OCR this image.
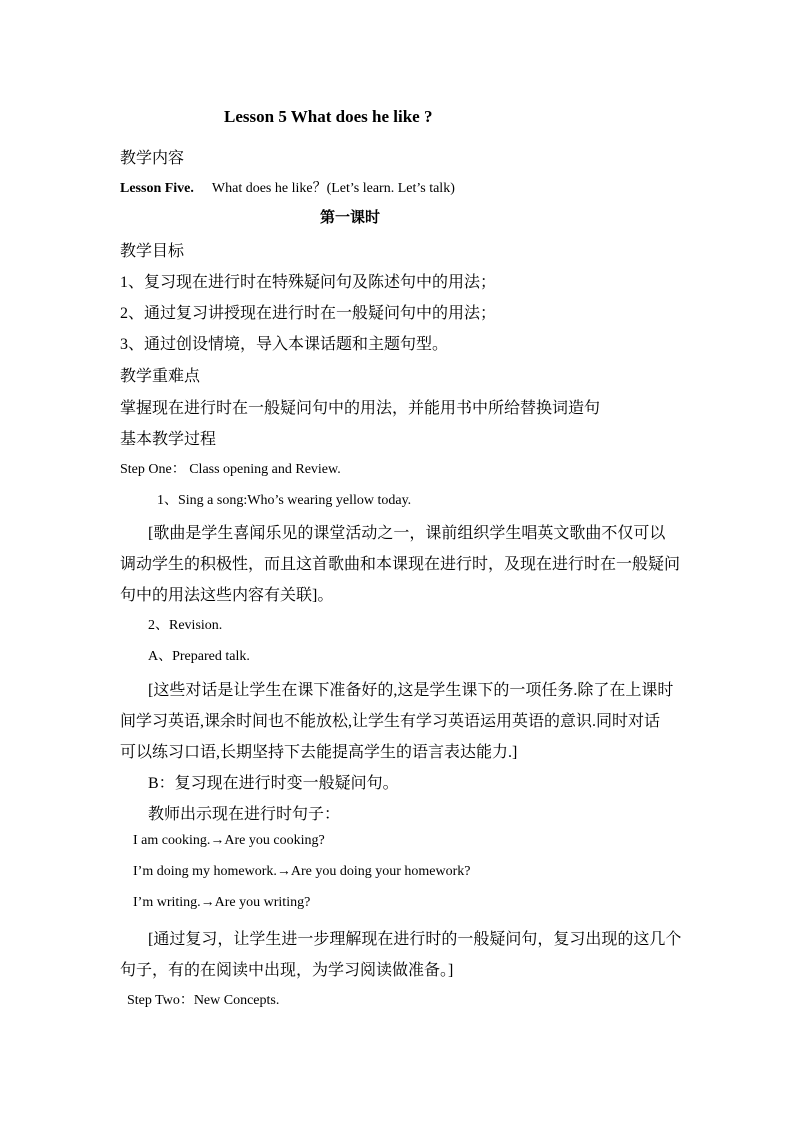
Lesson 5 What does he like ?
教学内容
Lesson Five. What does he like？(Let’s learn. Let’s talk)
第一课时
教学目标
1、复习现在进行时在特殊疑问句及陈述句中的用法；
2、通过复习讲授现在进行时在一般疑问句中的用法；
3、通过创设情境，导入本课话题和主题句型。
教学重难点
掌握现在进行时在一般疑问句中的用法，并能用书中所给替换词造句
基本教学过程
Step One： Class opening and Review.
1、Sing a song:Who’s wearing yellow today.
[歌曲是学生喜闻乐见的课堂活动之一，课前组织学生唱英文歌曲不仅可以
调动学生的积极性，而且这首歌曲和本课现在进行时，及现在进行时在一般疑问
句中的用法这些内容有关联]。
2、Revision.
A、Prepared talk.
[这些对话是让学生在课下准备好的,这是学生课下的一项任务.除了在上课时
间学习英语,课余时间也不能放松,让学生有学习英语运用英语的意识.同时对话
可以练习口语,长期坚持下去能提高学生的语言表达能力.]
B：复习现在进行时变一般疑问句。
教师出示现在进行时句子：
I am cooking.→Are you cooking?
I’m doing my homework.→Are you doing your homework?
I’m writing.→Are you writing?
[通过复习，让学生进一步理解现在进行时的一般疑问句，复习出现的这几个
句子，有的在阅读中出现，为学习阅读做准备。]
Step Two：New Concepts.
